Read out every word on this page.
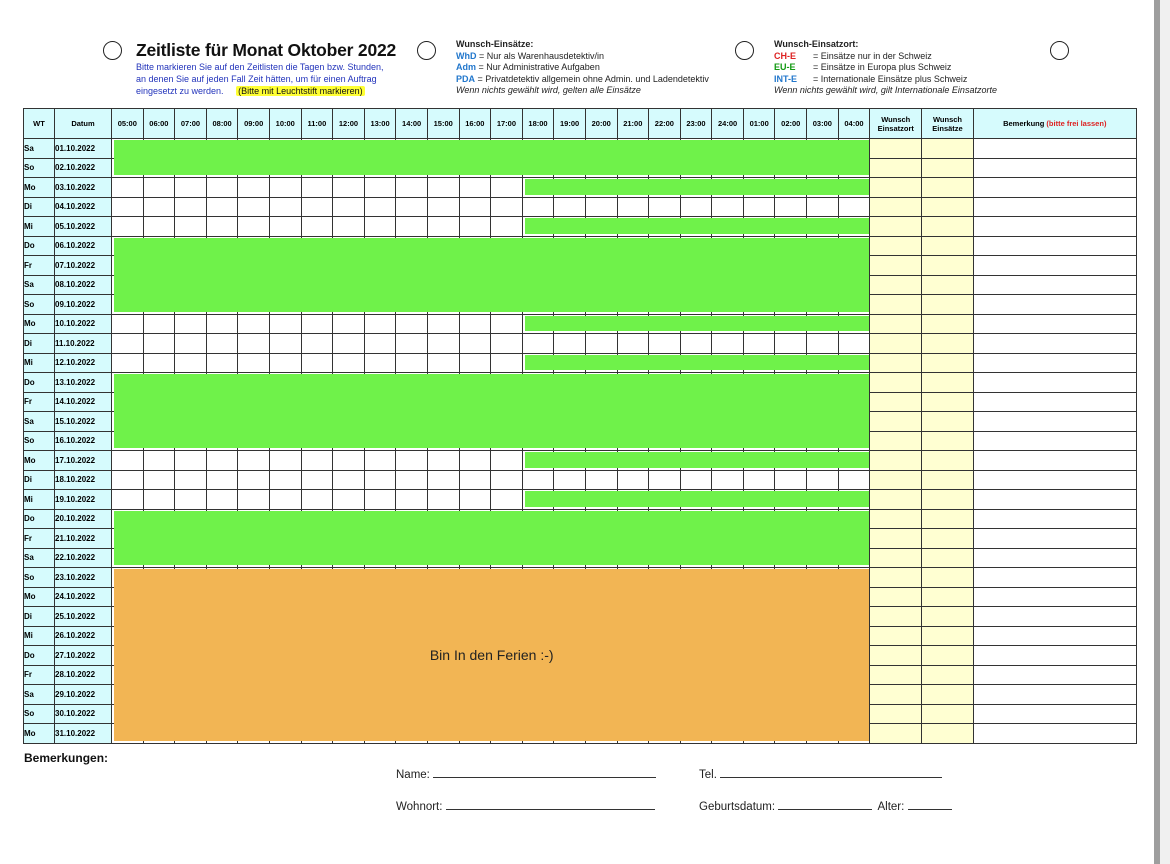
Zeitliste für Monat Oktober 2022
Bitte markieren Sie auf den Zeitlisten die Tagen bzw. Stunden,
an denen Sie auf jeden Fall Zeit hätten, um für einen Auftrag
eingesetzt zu werden. (Bitte mit Leuchtstift markieren)
Wunsch-Einsätze:
WhD = Nur als Warenhausdetektiv/in
Adm = Nur Administrative Aufgaben
PDA = Privatdetektiv allgemein ohne Admin. und Ladendetektiv
Wenn nichts gewählt wird, gelten alle Einsätze
Wunsch-Einsatzort:
CH-E = Einsätze nur in der Schweiz
EU-E = Einsätze in Europa plus Schweiz
INT-E = Internationale Einsätze plus Schweiz
Wenn nichts gewählt wird, gilt Internationale Einsatzorte
WT	Datum	05:00	06:00	07:00	08:00	09:00	10:00	11:00	12:00	13:00	14:00	15:00	16:00	17:00	18:00	19:00	20:00	21:00	22:00	23:00	24:00	01:00	02:00	03:00	04:00	Wunsch Einsatzort	Wunsch Einsätze	Bemerkung (bitte frei lassen)
Sa	01.10.2022																											
So	02.10.2022																											
Mo	03.10.2022																											
Di	04.10.2022																											
Mi	05.10.2022																											
Do	06.10.2022																											
Fr	07.10.2022																											
Sa	08.10.2022																											
So	09.10.2022																											
Mo	10.10.2022																											
Di	11.10.2022																											
Mi	12.10.2022																											
Do	13.10.2022																											
Fr	14.10.2022																											
Sa	15.10.2022																											
So	16.10.2022																											
Mo	17.10.2022																											
Di	18.10.2022																											
Mi	19.10.2022																											
Do	20.10.2022																											
Fr	21.10.2022																											
Sa	22.10.2022																											
So	23.10.2022																											
Mo	24.10.2022																											
Di	25.10.2022																											
Mi	26.10.2022																											
Do	27.10.2022																											
Fr	28.10.2022																											
Sa	29.10.2022																											
So	30.10.2022																											
Mo	31.10.2022																											
Bin In den Ferien :-)
Bemerkungen:
Name:	Tel.
Wohnort:	Geburtsdatum:	Alter:
